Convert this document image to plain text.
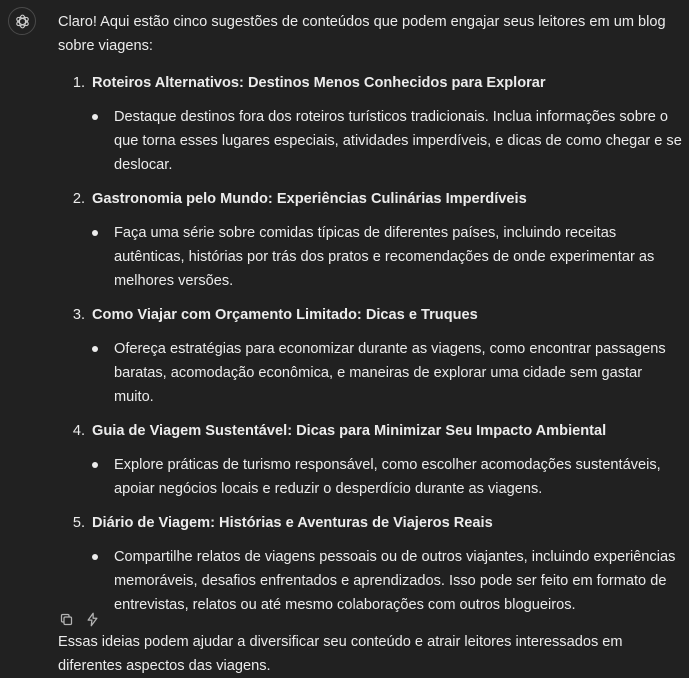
Claro! Aqui estão cinco sugestões de conteúdos que podem engajar seus leitores em um blog sobre viagens:

1. Roteiros Alternativos: Destinos Menos Conhecidos para Explorar
Destaque destinos fora dos roteiros turísticos tradicionais. Inclua informações sobre o que torna esses lugares especiais, atividades imperdíveis, e dicas de como chegar e se deslocar.
2. Gastronomia pelo Mundo: Experiências Culinárias Imperdíveis
Faça uma série sobre comidas típicas de diferentes países, incluindo receitas autênticas, histórias por trás dos pratos e recomendações de onde experimentar as melhores versões.
3. Como Viajar com Orçamento Limitado: Dicas e Truques
Ofereça estratégias para economizar durante as viagens, como encontrar passagens baratas, acomodação econômica, e maneiras de explorar uma cidade sem gastar muito.
4. Guia de Viagem Sustentável: Dicas para Minimizar Seu Impacto Ambiental
Explore práticas de turismo responsável, como escolher acomodações sustentáveis, apoiar negócios locais e reduzir o desperdício durante as viagens.
5. Diário de Viagem: Histórias e Aventuras de Viajeros Reais
Compartilhe relatos de viagens pessoais ou de outros viajantes, incluindo experiências memoráveis, desafios enfrentados e aprendizados. Isso pode ser feito em formato de entrevistas, relatos ou até mesmo colaborações com outros blogueiros.

Essas ideias podem ajudar a diversificar seu conteúdo e atrair leitores interessados em diferentes aspectos das viagens.
